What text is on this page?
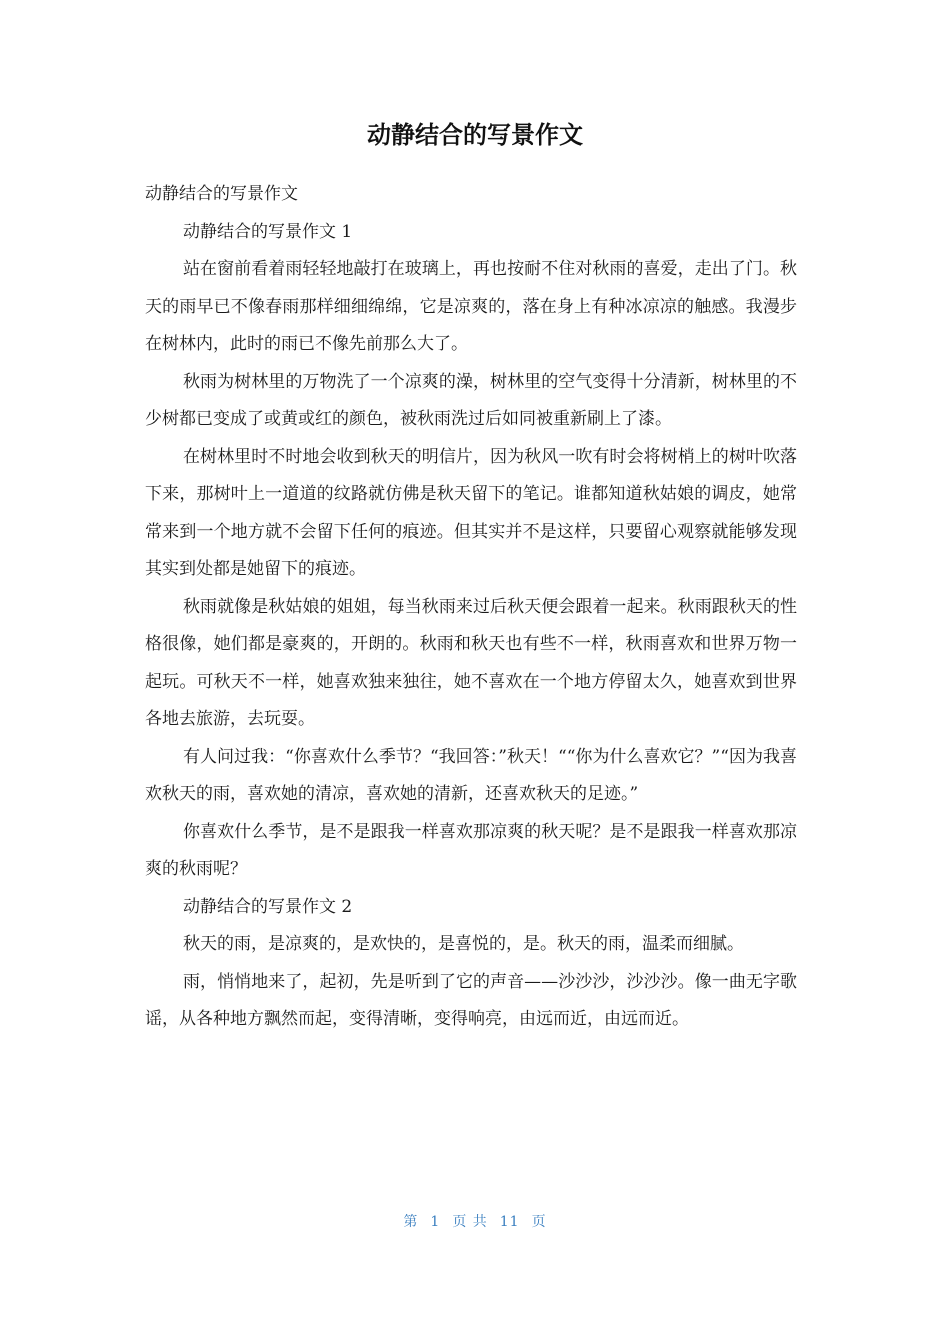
动静结合的写景作文

动静结合的写景作文

动静结合的写景作文 1

站在窗前看着雨轻轻地敲打在玻璃上，再也按耐不住对秋雨的喜爱，走出了门。秋天的雨早已不像春雨那样细细绵绵，它是凉爽的，落在身上有种冰凉凉的触感。我漫步在树林内，此时的雨已不像先前那么大了。

秋雨为树林里的万物洗了一个凉爽的澡，树林里的空气变得十分清新，树林里的不少树都已变成了或黄或红的颜色，被秋雨洗过后如同被重新刷上了漆。

在树林里时不时地会收到秋天的明信片，因为秋风一吹有时会将树梢上的树叶吹落下来，那树叶上一道道的纹路就仿佛是秋天留下的笔记。谁都知道秋姑娘的调皮，她常常来到一个地方就不会留下任何的痕迹。但其实并不是这样，只要留心观察就能够发现其实到处都是她留下的痕迹。

秋雨就像是秋姑娘的姐姐，每当秋雨来过后秋天便会跟着一起来。秋雨跟秋天的性格很像，她们都是豪爽的，开朗的。秋雨和秋天也有些不一样，秋雨喜欢和世界万物一起玩。可秋天不一样，她喜欢独来独往，她不喜欢在一个地方停留太久，她喜欢到世界各地去旅游，去玩耍。

有人问过我：“你喜欢什么季节？“我回答：”秋天！““你为什么喜欢它？”“因为我喜欢秋天的雨，喜欢她的清凉，喜欢她的清新，还喜欢秋天的足迹。”

你喜欢什么季节，是不是跟我一样喜欢那凉爽的秋天呢？是不是跟我一样喜欢那凉爽的秋雨呢？

动静结合的写景作文 2

秋天的雨，是凉爽的，是欢快的，是喜悦的，是。秋天的雨，温柔而细腻。

雨，悄悄地来了，起初，先是听到了它的声音——沙沙沙，沙沙沙。像一曲无字歌谣，从各种地方飘然而起，变得清晰，变得响亮，由远而近，由远而近。

第 1 页 共 11 页
